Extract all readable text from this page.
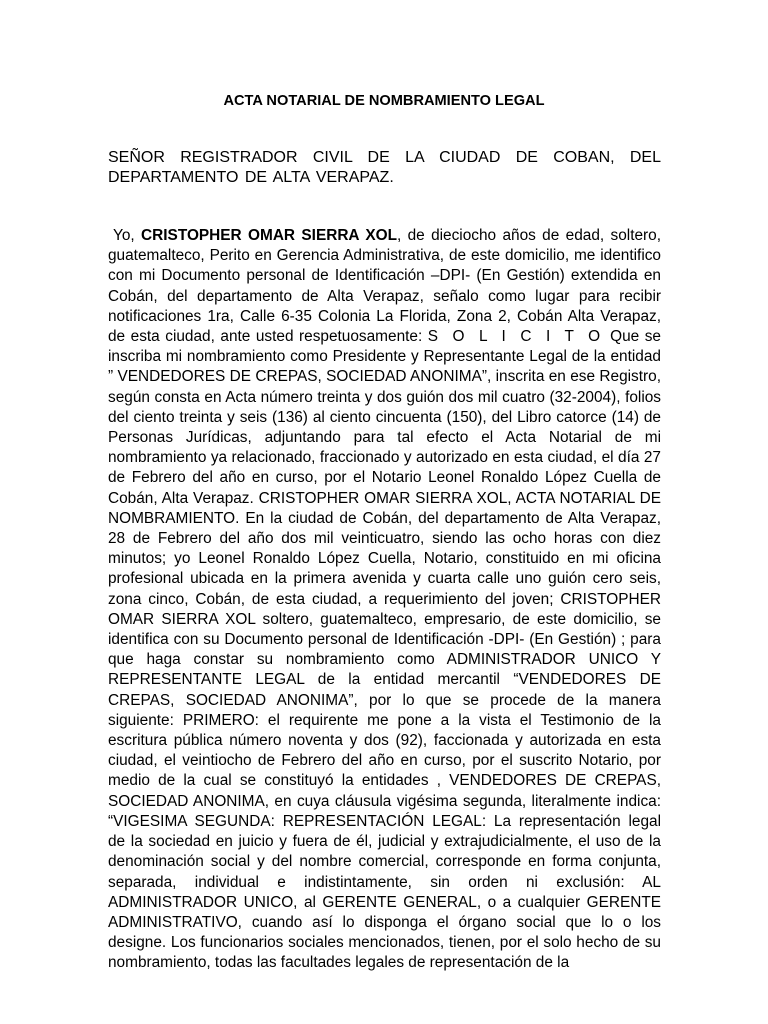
ACTA NOTARIAL DE NOMBRAMIENTO LEGAL

SEÑOR REGISTRADOR CIVIL DE LA CIUDAD DE COBAN, DEL DEPARTAMENTO DE ALTA VERAPAZ.

Yo, CRISTOPHER OMAR SIERRA XOL, de dieciocho años de edad, soltero, guatemalteco, Perito en Gerencia Administrativa, de este domicilio, me identifico con mi Documento personal de Identificación –DPI- (En Gestión) extendida en Cobán, del departamento de Alta Verapaz, señalo como lugar para recibir notificaciones 1ra, Calle 6-35 Colonia La Florida, Zona 2, Cobán Alta Verapaz, de esta ciudad, ante usted respetuosamente: S O L I C I T O Que se inscriba mi nombramiento como Presidente y Representante Legal de la entidad ” VENDEDORES DE CREPAS, SOCIEDAD ANONIMA”, inscrita en ese Registro, según consta en Acta número treinta y dos guión dos mil cuatro (32-2004), folios del ciento treinta y seis (136) al ciento cincuenta (150), del Libro catorce (14) de Personas Jurídicas, adjuntando para tal efecto el Acta Notarial de mi nombramiento ya relacionado, fraccionado y autorizado en esta ciudad, el día 27 de Febrero del año en curso, por el Notario Leonel Ronaldo López Cuella de Cobán, Alta Verapaz. CRISTOPHER OMAR SIERRA XOL, ACTA NOTARIAL DE NOMBRAMIENTO. En la ciudad de Cobán, del departamento de Alta Verapaz, 28 de Febrero del año dos mil veinticuatro, siendo las ocho horas con diez minutos; yo Leonel Ronaldo López Cuella, Notario, constituido en mi oficina profesional ubicada en la primera avenida y cuarta calle uno guión cero seis, zona cinco, Cobán, de esta ciudad, a requerimiento del joven; CRISTOPHER OMAR SIERRA XOL soltero, guatemalteco, empresario, de este domicilio, se identifica con su Documento personal de Identificación -DPI- (En Gestión) ; para que haga constar su nombramiento como ADMINISTRADOR UNICO Y REPRESENTANTE LEGAL de la entidad mercantil “VENDEDORES DE CREPAS, SOCIEDAD ANONIMA”, por lo que se procede de la manera siguiente: PRIMERO: el requirente me pone a la vista el Testimonio de la escritura pública número noventa y dos (92), faccionada y autorizada en esta ciudad, el veintiocho de Febrero del año en curso, por el suscrito Notario, por medio de la cual se constituyó la entidades , VENDEDORES DE CREPAS, SOCIEDAD ANONIMA, en cuya cláusula vigésima segunda, literalmente indica: “VIGESIMA SEGUNDA: REPRESENTACIÓN LEGAL: La representación legal de la sociedad en juicio y fuera de él, judicial y extrajudicialmente, el uso de la denominación social y del nombre comercial, corresponde en forma conjunta, separada, individual e indistintamente, sin orden ni exclusión: AL ADMINISTRADOR UNICO, al GERENTE GENERAL, o a cualquier GERENTE ADMINISTRATIVO, cuando así lo disponga el órgano social que lo o los designe. Los funcionarios sociales mencionados, tienen, por el solo hecho de su nombramiento, todas las facultades legales de representación de la
